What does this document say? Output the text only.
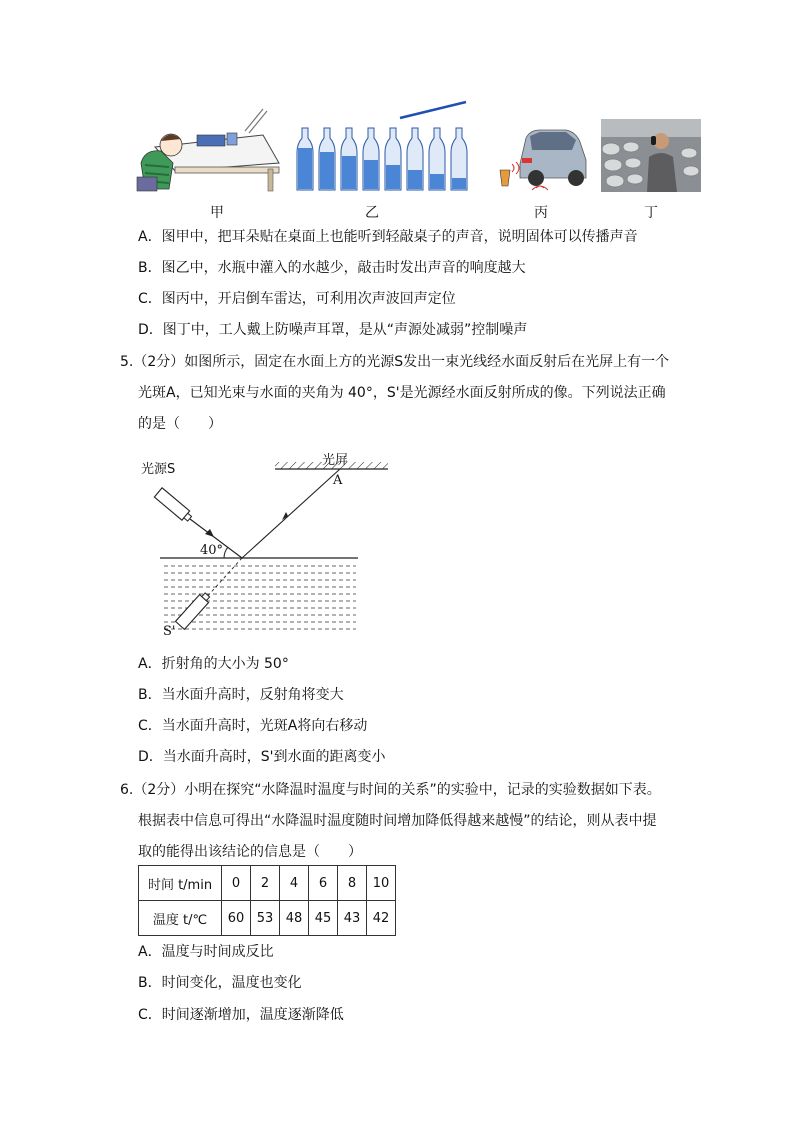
甲	乙	丙	丁
A．图甲中，把耳朵贴在桌面上也能听到轻敲桌子的声音，说明固体可以传播声音
B．图乙中，水瓶中灌入的水越少，敲击时发出声音的响度越大
C．图丙中，开启倒车雷达，可利用次声波回声定位
D．图丁中，工人戴上防噪声耳罩，是从“声源处减弱”控制噪声
5.（2分）如图所示，固定在水面上方的光源S发出一束光线经水面反射后在光屏上有一个
光斑A，已知光束与水面的夹角为 40°，S'是光源经水面反射所成的像。下列说法正确
的是（　　）
光源S
光屏
A
40°
S'
A．折射角的大小为 50°
B．当水面升高时，反射角将变大
C．当水面升高时，光斑A将向右移动
D．当水面升高时，S'到水面的距离变小
6.（2分）小明在探究“水降温时温度与时间的关系”的实验中，记录的实验数据如下表。
根据表中信息可得出“水降温时温度随时间增加降低得越来越慢”的结论，则从表中提
取的能得出该结论的信息是（　　）
时间 t/min	0	2	4	6	8	10
温度 t/℃	60	53	48	45	43	42
A．温度与时间成反比
B．时间变化，温度也变化
C．时间逐渐增加，温度逐渐降低
